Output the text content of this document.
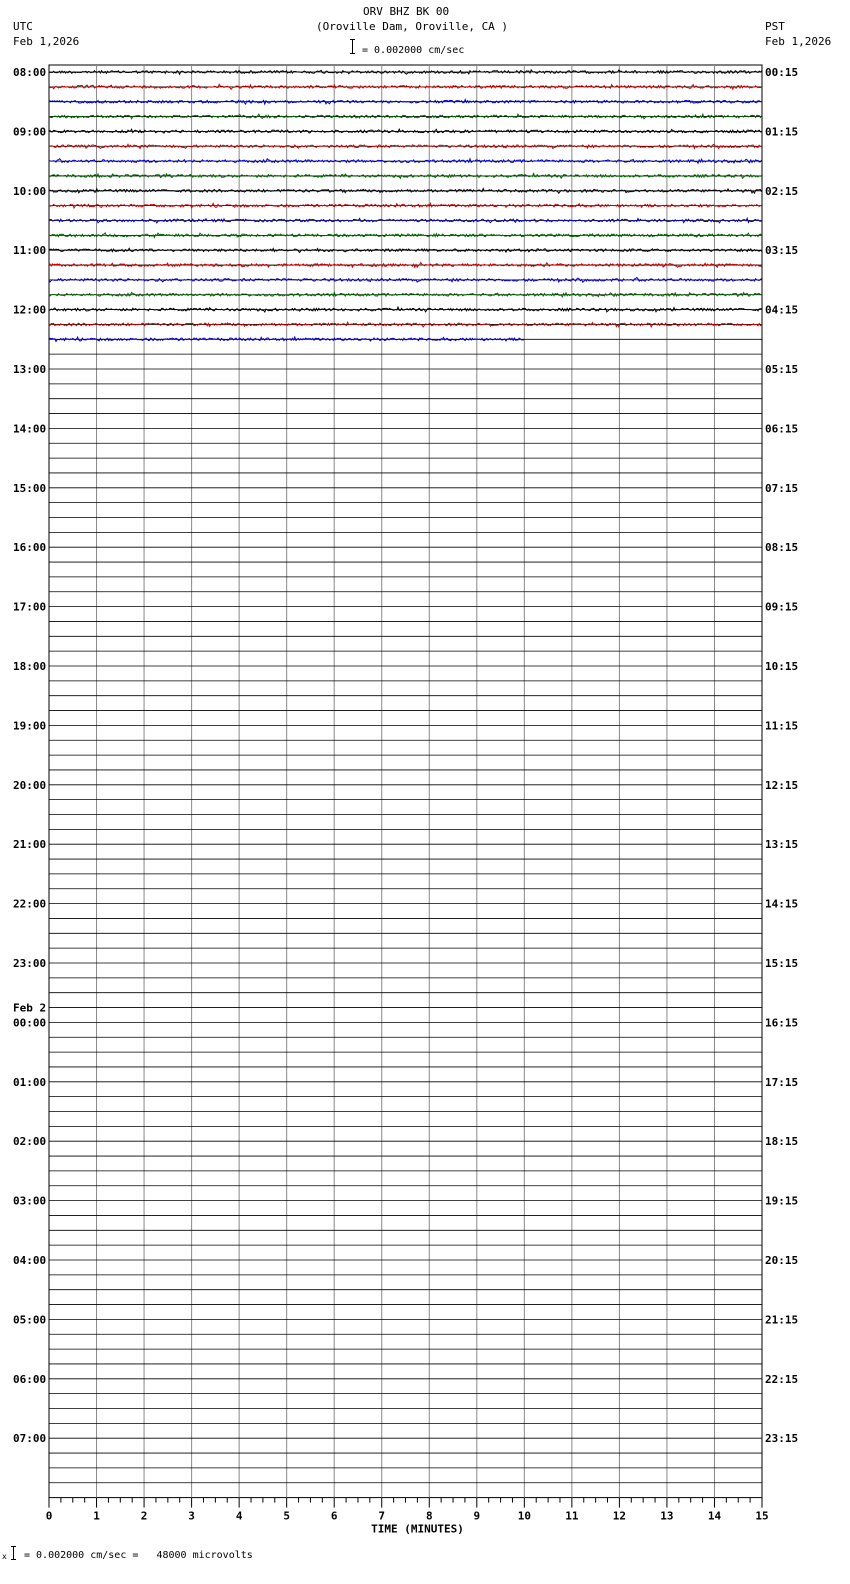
ORV BHZ BK 00
(Oroville Dam, Oroville, CA )
UTC
Feb 1,2026
PST
Feb 1,2026
= 0.002000 cm/sec
08:00
09:00
10:00
11:00
12:00
13:00
14:00
15:00
16:00
17:00
18:00
19:00
20:00
21:00
22:00
23:00
00:00
Feb 2
01:00
02:00
03:00
04:00
05:00
06:00
07:00
00:15
01:15
02:15
03:15
04:15
05:15
06:15
07:15
08:15
09:15
10:15
11:15
12:15
13:15
14:15
15:15
16:15
17:15
18:15
19:15
20:15
21:15
22:15
23:15
0	1	2	3	4	5	6	7	8	9	10	11	12	13	14	15
TIME (MINUTES)
x = 0.002000 cm/sec =   48000 microvolts
